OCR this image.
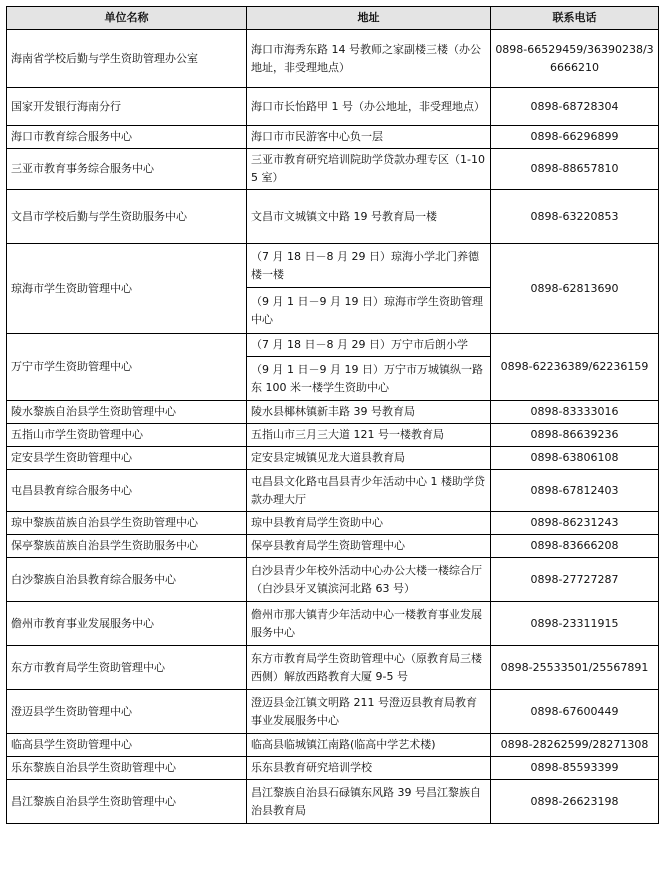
单位名称	地址	联系电话
海南省学校后勤与学生资助管理办公室	海口市海秀东路 14 号教师之家副楼三楼（办公地址，非受理地点）	0898-66529459/36390238/36666210
国家开发银行海南分行	海口市长怡路甲 1 号（办公地址，非受理地点）	0898-68728304
海口市教育综合服务中心	海口市市民游客中心负一层	0898-66296899
三亚市教育事务综合服务中心	三亚市教育研究培训院助学贷款办理专区（1-105 室）	0898-88657810
文昌市学校后勤与学生资助服务中心	文昌市文城镇文中路 19 号教育局一楼	0898-63220853
琼海市学生资助管理中心	（7 月 18 日－8 月 29 日）琼海小学北门养德楼一楼	0898-62813690
	（9 月 1 日－9 月 19 日）琼海市学生资助管理中心	
万宁市学生资助管理中心	（7 月 18 日－8 月 29 日）万宁市后朗小学	0898-62236389/62236159
	（9 月 1 日－9 月 19 日）万宁市万城镇纵一路东 100 米一楼学生资助中心	
陵水黎族自治县学生资助管理中心	陵水县椰林镇新丰路 39 号教育局	0898-83333016
五指山市学生资助管理中心	五指山市三月三大道 121 号一楼教育局	0898-86639236
定安县学生资助管理中心	定安县定城镇见龙大道县教育局	0898-63806108
屯昌县教育综合服务中心	屯昌县文化路屯昌县青少年活动中心 1 楼助学贷款办理大厅	0898-67812403
琼中黎族苗族自治县学生资助管理中心	琼中县教育局学生资助中心	0898-86231243
保亭黎族苗族自治县学生资助服务中心	保亭县教育局学生资助管理中心	0898-83666208
白沙黎族自治县教育综合服务中心	白沙县青少年校外活动中心办公大楼一楼综合厅（白沙县牙叉镇滨河北路 63 号）	0898-27727287
儋州市教育事业发展服务中心	儋州市那大镇青少年活动中心一楼教育事业发展服务中心	0898-23311915
东方市教育局学生资助管理中心	东方市教育局学生资助管理中心（原教育局三楼西侧）解放西路教育大厦 9-5 号	0898-25533501/25567891
澄迈县学生资助管理中心	澄迈县金江镇文明路 211 号澄迈县教育局教育事业发展服务中心	0898-67600449
临高县学生资助管理中心	临高县临城镇江南路(临高中学艺术楼)	0898-28262599/28271308
乐东黎族自治县学生资助管理中心	乐东县教育研究培训学校	0898-85593399
昌江黎族自治县学生资助管理中心	昌江黎族自治县石碌镇东风路 39 号昌江黎族自治县教育局	0898-26623198
